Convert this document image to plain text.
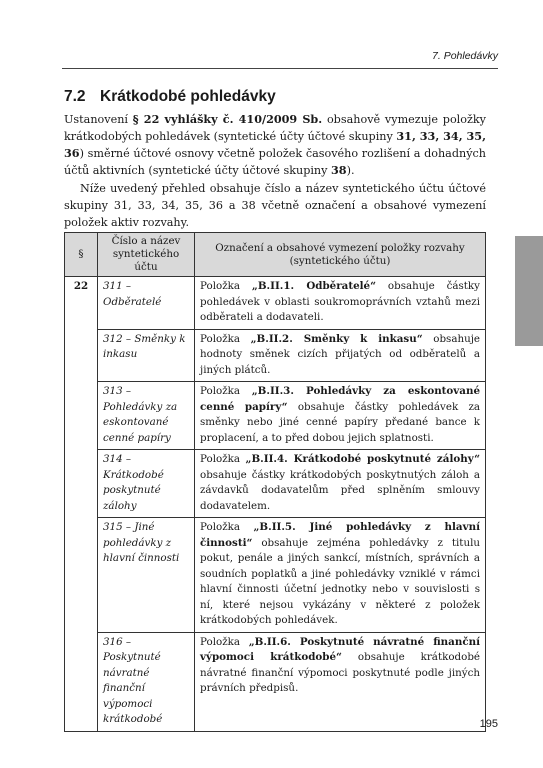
7. Pohledávky
7.2 Krátkodobé pohledávky

Ustanovení § 22 vyhlášky č. 410/2009 Sb. obsahově vymezuje položky krátkodobých pohledávek (syntetické účty účtové skupiny 31, 33, 34, 35, 36) směrné účtové osnovy včetně položek časového rozlišení a dohadných účtů aktivních (syntetické účty účtové skupiny 38).

Níže uvedený přehled obsahuje číslo a název syntetického účtu účtové skupiny 31, 33, 34, 35, 36 a 38 včetně označení a obsahové vymezení položek aktiv rozvahy.

§	Číslo a název syntetického účtu	Označení a obsahové vymezení položky rozvahy (syntetického účtu)
22	311 – Odběratelé	Položka „B.II.1. Odběratelé“ obsahuje částky pohledávek v oblasti soukromoprávních vztahů mezi odběrateli a dodavateli.
	312 – Směnky k inkasu	Položka „B.II.2. Směnky k inkasu“ obsahuje hodnoty směnek cizích přijatých od odběratelů a jiných plátců.
	313 – Pohledávky za eskontované cenné papíry	Položka „B.II.3. Pohledávky za eskontované cenné papíry“ obsahuje částky pohledávek za směnky nebo jiné cenné papíry předané bance k proplacení, a to před dobou jejich splatnosti.
	314 – Krátkodobé poskytnuté zálohy	Položka „B.II.4. Krátkodobé poskytnuté zálohy“ obsahuje částky krátkodobých poskytnutých záloh a závdavků dodavatelům před splněním smlouvy dodavatelem.
	315 – Jiné pohledávky z hlavní činnosti	Položka „B.II.5. Jiné pohledávky z hlavní činnosti“ obsahuje zejména pohledávky z titulu pokut, penále a jiných sankcí, místních, správních a soudních poplatků a jiné pohledávky vzniklé v rámci hlavní činnosti účetní jednotky nebo v souvislosti s ní, které nejsou vykázány v některé z položek krátkodobých pohledávek.
	316 – Poskytnuté návratné finanční výpomoci krátkodobé	Položka „B.II.6. Poskytnuté návratné finanční výpomoci krátkodobé“ obsahuje krátkodobé návratné finanční výpomoci poskytnuté podle jiných právních předpisů.
195
